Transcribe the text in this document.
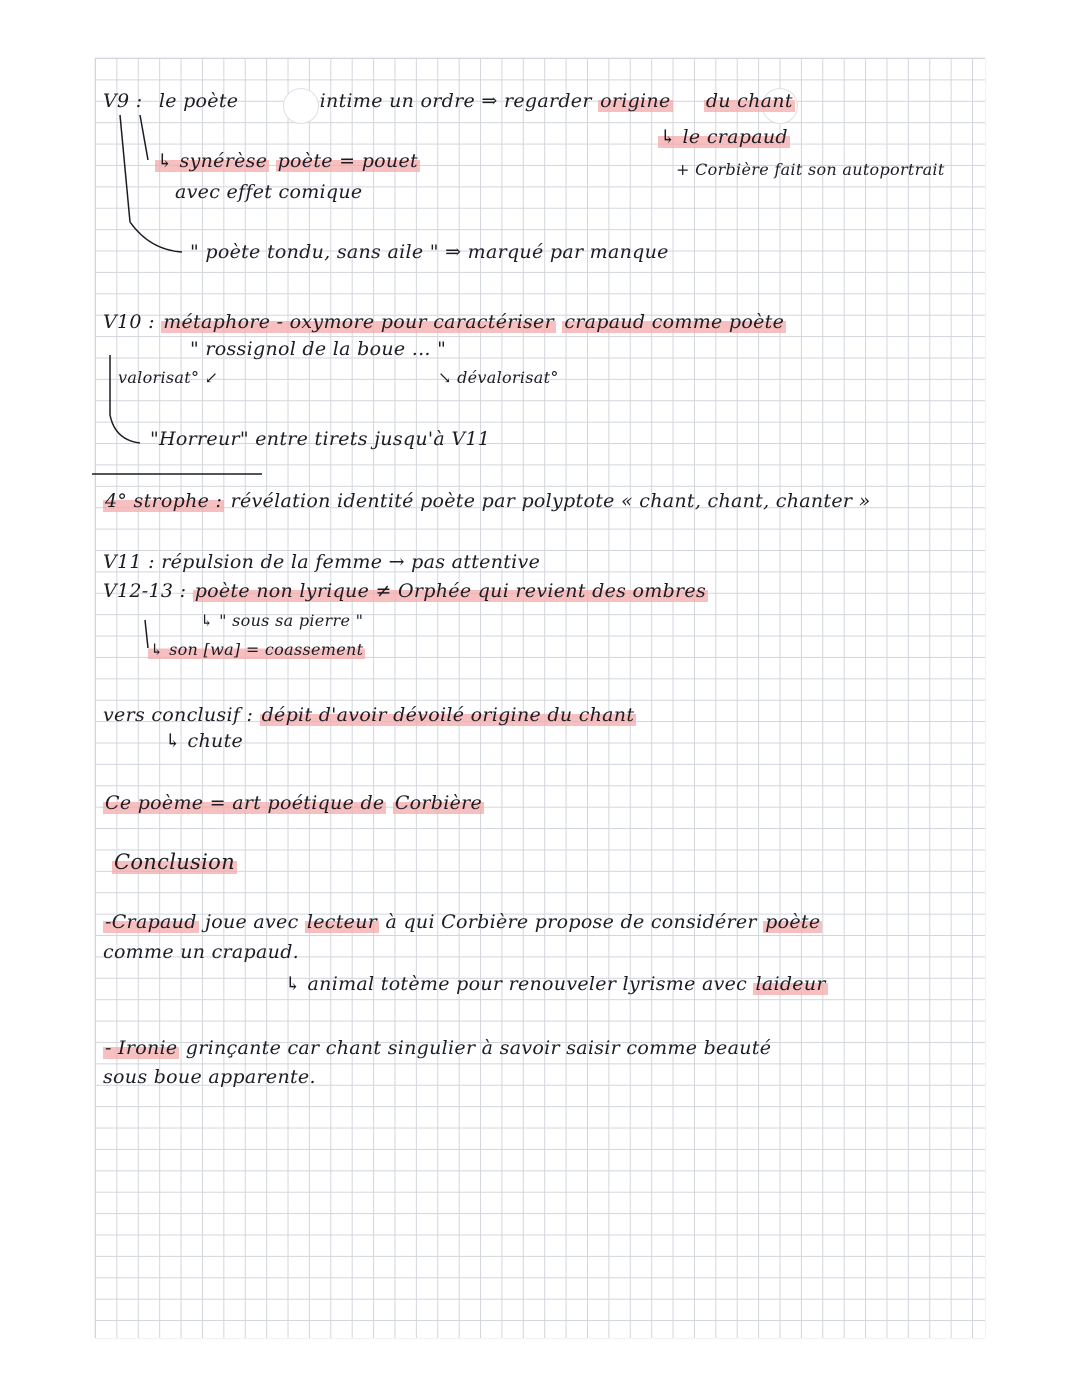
V9 : le poète	intime un ordre ⇒ regarder origine du chant
↳ le crapaud
+ Corbière fait son autoportrait
↳ synérèse poète = pouet
avec effet comique
" poète tondu, sans aile " ⇒ marqué par manque
V10 : métaphore - oxymore pour caractériser crapaud comme poète
" rossignol de la boue ... "
valorisat° ↙	↘ dévalorisat°
"Horreur" entre tirets jusqu'à V11
4° strophe : révélation identité poète par polyptote « chant, chant, chanter »
V11 : répulsion de la femme → pas attentive
V12-13 : poète non lyrique ≠ Orphée qui revient des ombres
↳ " sous sa pierre "
↳ son [wa] = coassement
vers conclusif : dépit d'avoir dévoilé origine du chant
↳ chute
Ce poème = art poétique de Corbière
Conclusion
-Crapaud joue avec lecteur à qui Corbière propose de considérer poète
comme un crapaud.
↳ animal totème pour renouveler lyrisme avec laideur
- Ironie grinçante car chant singulier à savoir saisir comme beauté
sous boue apparente.
